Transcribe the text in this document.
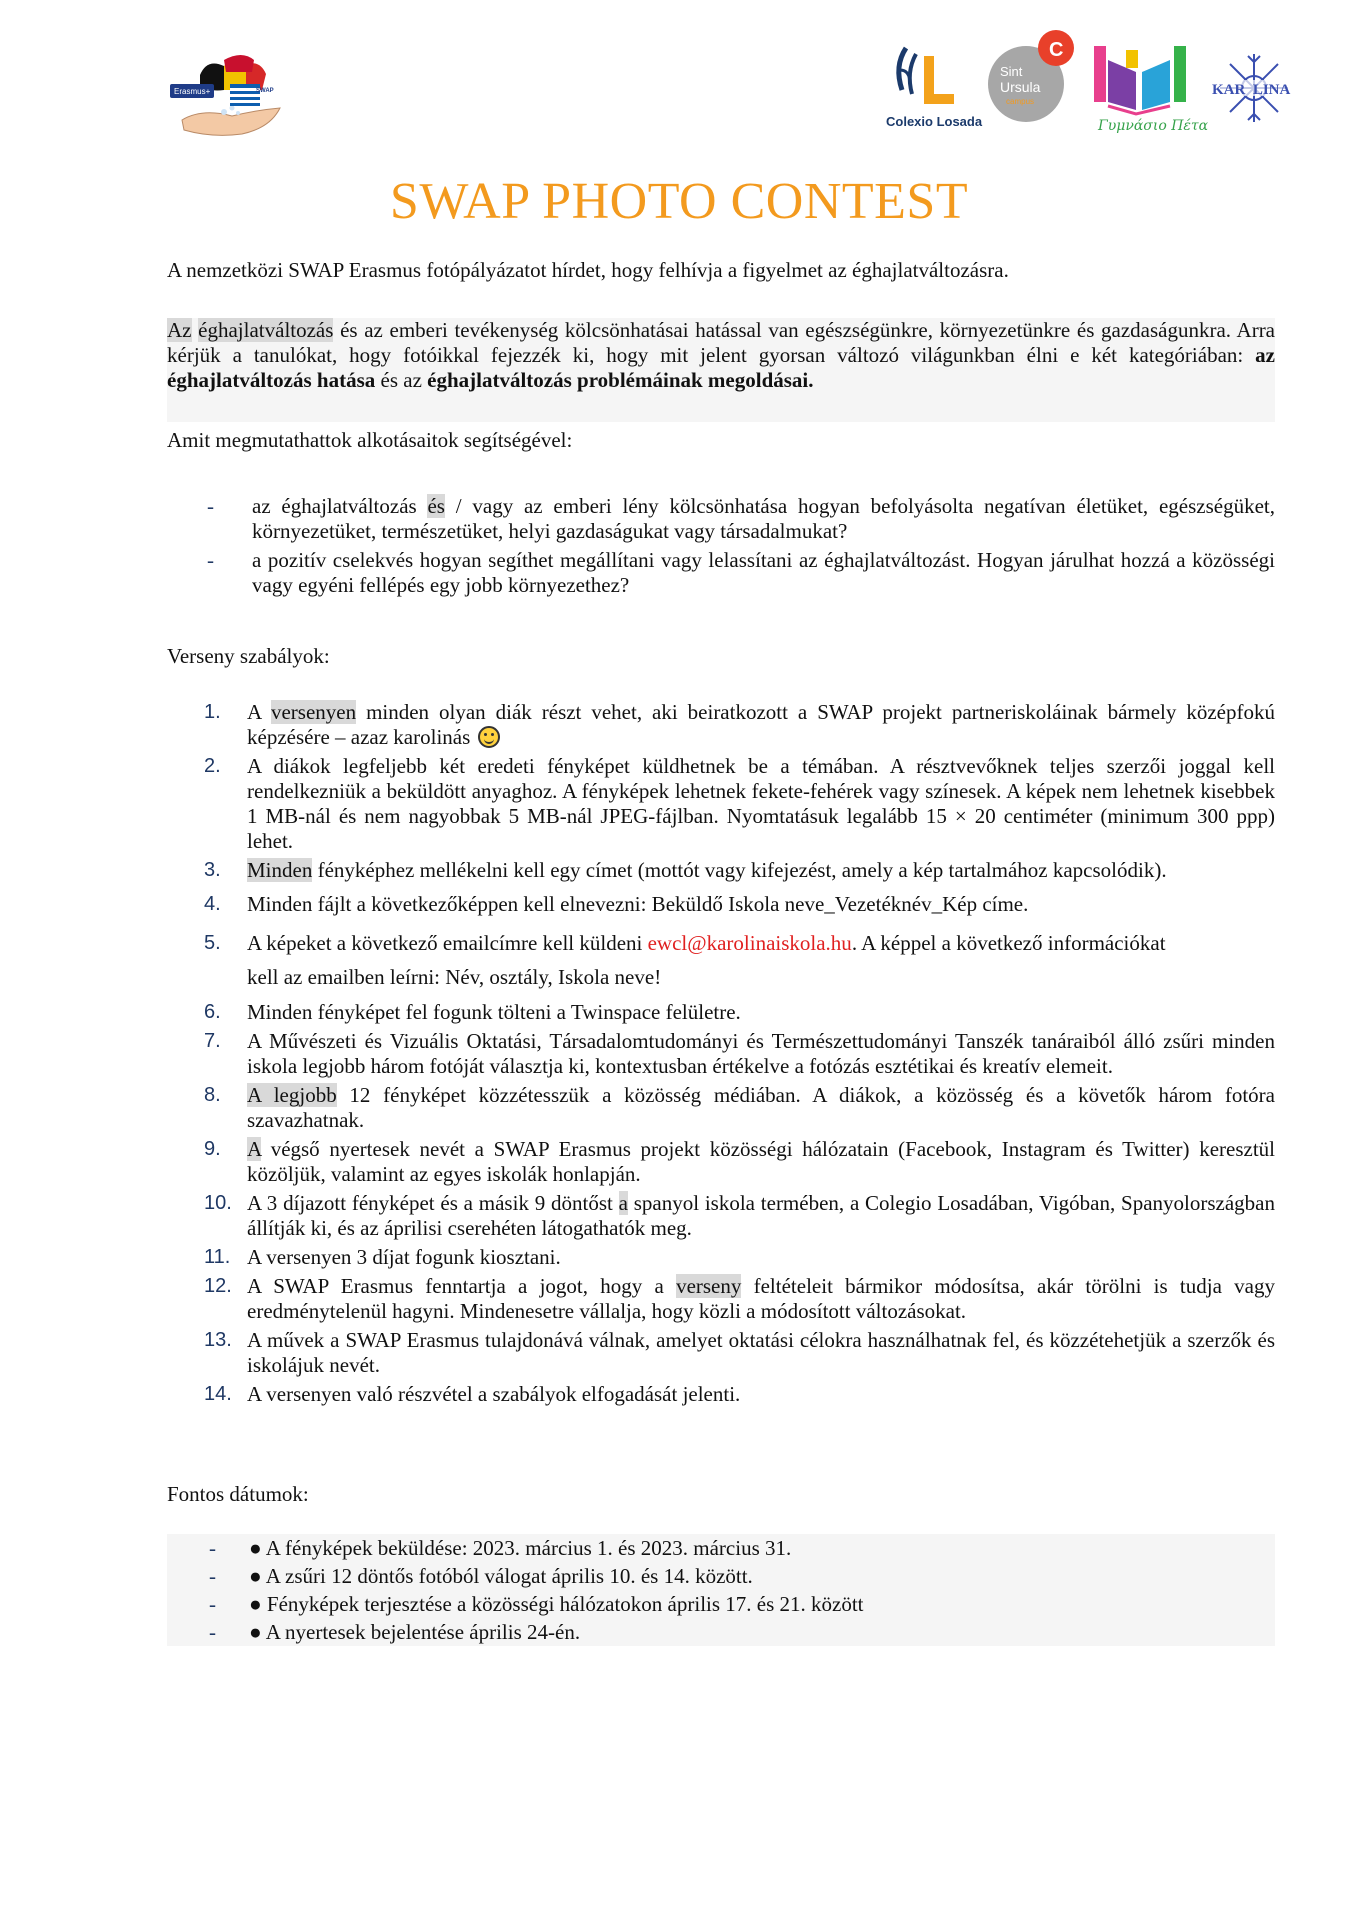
Erasmus+	SWAP
Colexio Losada
C
Sint
Ursula
campus
Γυμνάσιο Πέτα
KAR  LINA
SWAP PHOTO CONTEST
A nemzetközi SWAP Erasmus fotópályázatot hírdet, hogy felhívja a figyelmet az éghajlatváltozásra.
Az éghajlatváltozás és az emberi tevékenység kölcsönhatásai hatással van egészségünkre, környezetünkre és gazdaságunkra. Arra kérjük a tanulókat, hogy fotóikkal fejezzék ki, hogy mit jelent gyorsan változó világunkban élni e két kategóriában: az éghajlatváltozás hatása és az éghajlatváltozás problémáinak megoldásai.
Amit megmutathattok alkotásaitok segítségével:
- az éghajlatváltozás és / vagy az emberi lény kölcsönhatása hogyan befolyásolta negatívan életüket, egészségüket, környezetüket, természetüket, helyi gazdaságukat vagy társadalmukat?
- a pozitív cselekvés hogyan segíthet megállítani vagy lelassítani az éghajlatváltozást. Hogyan járulhat hozzá a közösségi vagy egyéni fellépés egy jobb környezethez?
Verseny szabályok:
1. A versenyen minden olyan diák részt vehet, aki beiratkozott a SWAP projekt partneriskoláinak bármely középfokú képzésére – azaz karolinás
2. A diákok legfeljebb két eredeti fényképet küldhetnek be a témában. A résztvevőknek teljes szerzői joggal kell rendelkezniük a beküldött anyaghoz. A fényképek lehetnek fekete-fehérek vagy színesek. A képek nem lehetnek kisebbek 1 MB-nál és nem nagyobbak 5 MB-nál JPEG-fájlban. Nyomtatásuk legalább 15 × 20 centiméter (minimum 300 ppp) lehet.
3. Minden fényképhez mellékelni kell egy címet (mottót vagy kifejezést, amely a kép tartalmához kapcsolódik).
4. Minden fájlt a következőképpen kell elnevezni: Beküldő Iskola neve_Vezetéknév_Kép címe.
5. A képeket a következő emailcímre kell küldeni ewcl@karolinaiskola.hu. A képpel a következő információkat
kell az emailben leírni: Név, osztály, Iskola neve!
6. Minden fényképet fel fogunk tölteni a Twinspace felületre.
7. A Művészeti és Vizuális Oktatási, Társadalomtudományi és Természettudományi Tanszék tanáraiból álló zsűri minden iskola legjobb három fotóját választja ki, kontextusban értékelve a fotózás esztétikai és kreatív elemeit.
8. A legjobb 12 fényképet közzétesszük a közösség médiában. A diákok, a közösség és a követők három fotóra szavazhatnak.
9. A végső nyertesek nevét a SWAP Erasmus projekt közösségi hálózatain (Facebook, Instagram és Twitter) keresztül közöljük, valamint az egyes iskolák honlapján.
10. A 3 díjazott fényképet és a másik 9 döntőst a spanyol iskola termében, a Colegio Losadában, Vigóban, Spanyolországban állítják ki, és az áprilisi cserehéten látogathatók meg.
11. A versenyen 3 díjat fogunk kiosztani.
12. A SWAP Erasmus fenntartja a jogot, hogy a verseny feltételeit bármikor módosítsa, akár törölni is tudja vagy eredménytelenül hagyni. Mindenesetre vállalja, hogy közli a módosított változásokat.
13. A művek a SWAP Erasmus tulajdonává válnak, amelyet oktatási célokra használhatnak fel, és közzétehetjük a szerzők és iskolájuk nevét.
14. A versenyen való részvétel a szabályok elfogadását jelenti.
Fontos dátumok:
- ● A fényképek beküldése: 2023. március 1. és 2023. március 31.
- ● A zsűri 12 döntős fotóból válogat április 10. és 14. között.
- ● Fényképek terjesztése a közösségi hálózatokon április 17. és 21. között
- ● A nyertesek bejelentése április 24-én.
